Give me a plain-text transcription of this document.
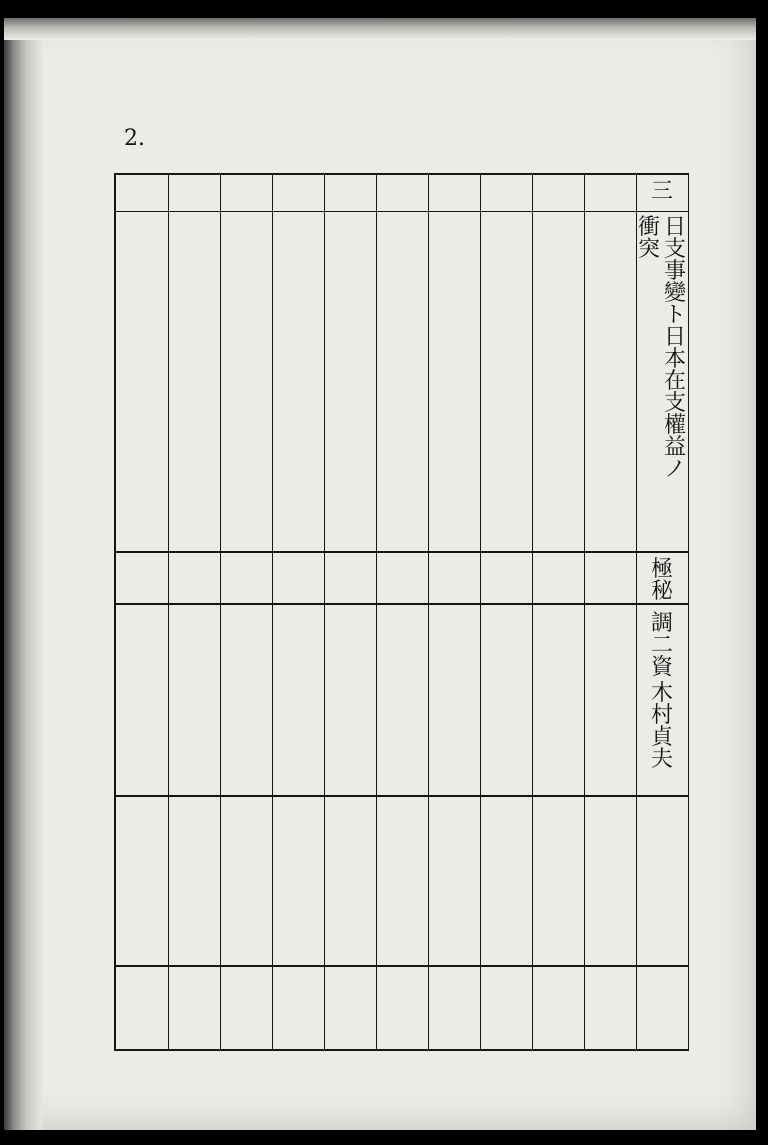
2.
三
日
支
事
變
ト
日
本
在
支
權
益
ノ
衝
突
極
秘
調
二
資
木
村
貞
夫
